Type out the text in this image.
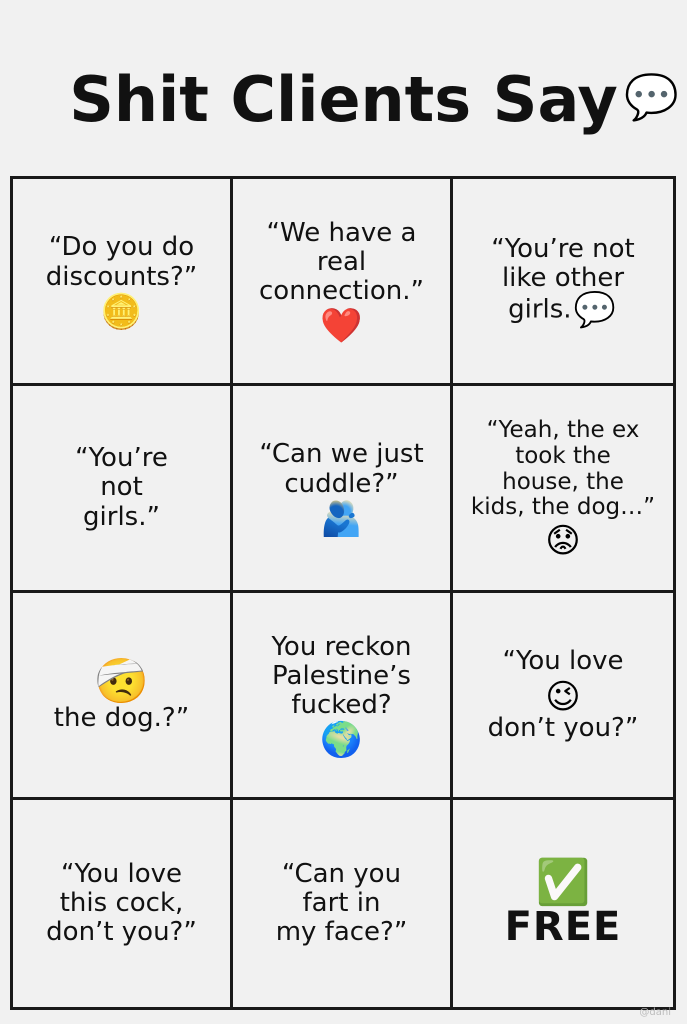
Shit Clients Say 💬
“Do you do
discounts?”
🪙
“We have a
real
connection.”
❤️
“You’re not
like other
girls.💬
“You’re
not
girls.”
“Can we just
cuddle?”
🫂
“Yeah, the ex
took the
house, the
kids, the dog…”
😟
🤕
the dog.?”
You reckon
Palestine’s
fucked?
🌍
“You love
😉
don’t you?”
“You love
this cock,
don’t you?”
“Can you
fart in
my face?”
✅
FREE
@dani
